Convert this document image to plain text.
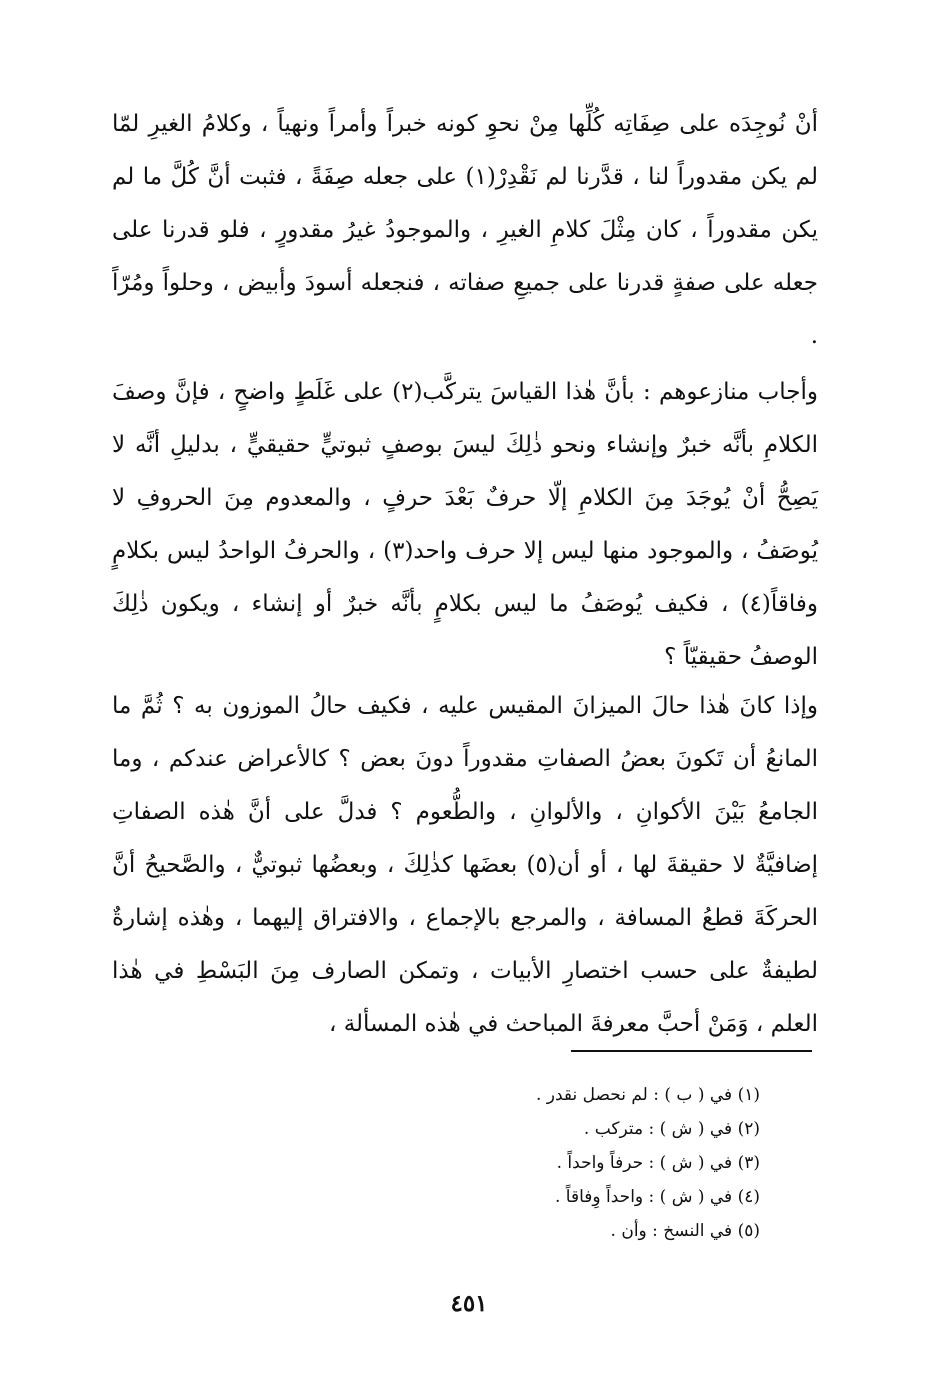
أنْ نُوجِدَه على صِفَاتِه كُلِّها مِنْ نحوِ كونه خبراً وأمراً ونهياً ، وكلامُ الغيرِ لمّا لم يكن مقدوراً لنا ، قدَّرنا لم نَقْدِرْ(١) على جعله صِفَةً ، فثبت أنَّ كُلَّ ما لم يكن مقدوراً ، كان مِثْلَ كلامِ الغيرِ ، والموجودُ غيرُ مقدورٍ ، فلو قدرنا على جعله على صفةٍ قدرنا على جميعِ صفاته ، فنجعله أسودَ وأبيض ، وحلواً ومُرّاً .

وأجاب منازعوهم : بأنَّ هٰذا القياسَ يتركَّب(٢) على غَلَطٍ واضحٍ ، فإنَّ وصفَ الكلامِ بأنَّه خبرٌ وإنشاء ونحو ذٰلِكَ ليسَ بوصفٍ ثبوتيٍّ حقيقيٍّ ، بدليلِ أنَّه لا يَصِحُّ أنْ يُوجَدَ مِنَ الكلامِ إلّا حرفٌ بَعْدَ حرفٍ ، والمعدوم مِنَ الحروفِ لا يُوصَفُ ، والموجود منها ليس إلا حرف واحد(٣) ، والحرفُ الواحدُ ليس بكلامٍ وفاقاً(٤) ، فكيف يُوصَفُ ما ليس بكلامٍ بأنَّه خبرٌ أو إنشاء ، ويكون ذٰلِكَ الوصفُ حقيقيّاً ؟

وإذا كانَ هٰذا حالَ الميزانَ المقيس عليه ، فكيف حالُ الموزون به ؟ ثُمَّ ما المانعُ أن تَكونَ بعضُ الصفاتِ مقدوراً دونَ بعض ؟ كالأعراض عندكم ، وما الجامعُ بَيْنَ الأكوانِ ، والألوانِ ، والطُّعوم ؟ فدلَّ على أنَّ هٰذه الصفاتِ إضافيَّةٌ لا حقيقةَ لها ، أو أن(٥) بعضَها كذٰلِكَ ، وبعضُها ثبوتيٌّ ، والصَّحيحُ أنَّ الحركَةَ قطعُ المسافة ، والمرجع بالإجماع ، والافتراق إليهما ، وهٰذه إشارةٌ لطيفةٌ على حسب اختصارِ الأبيات ، وتمكن الصارف مِنَ البَسْطِ في هٰذا العلم ، وَمَنْ أحبَّ معرفةَ المباحث في هٰذه المسألة ،

(١) في ( ب ) : لم نحصل نقدر .
(٢) في ( ش ) : متركب .
(٣) في ( ش ) : حرفاً واحداً .
(٤) في ( ش ) : واحداً وِفاقاً .
(٥) في النسخ : وأن .
٤٥١
